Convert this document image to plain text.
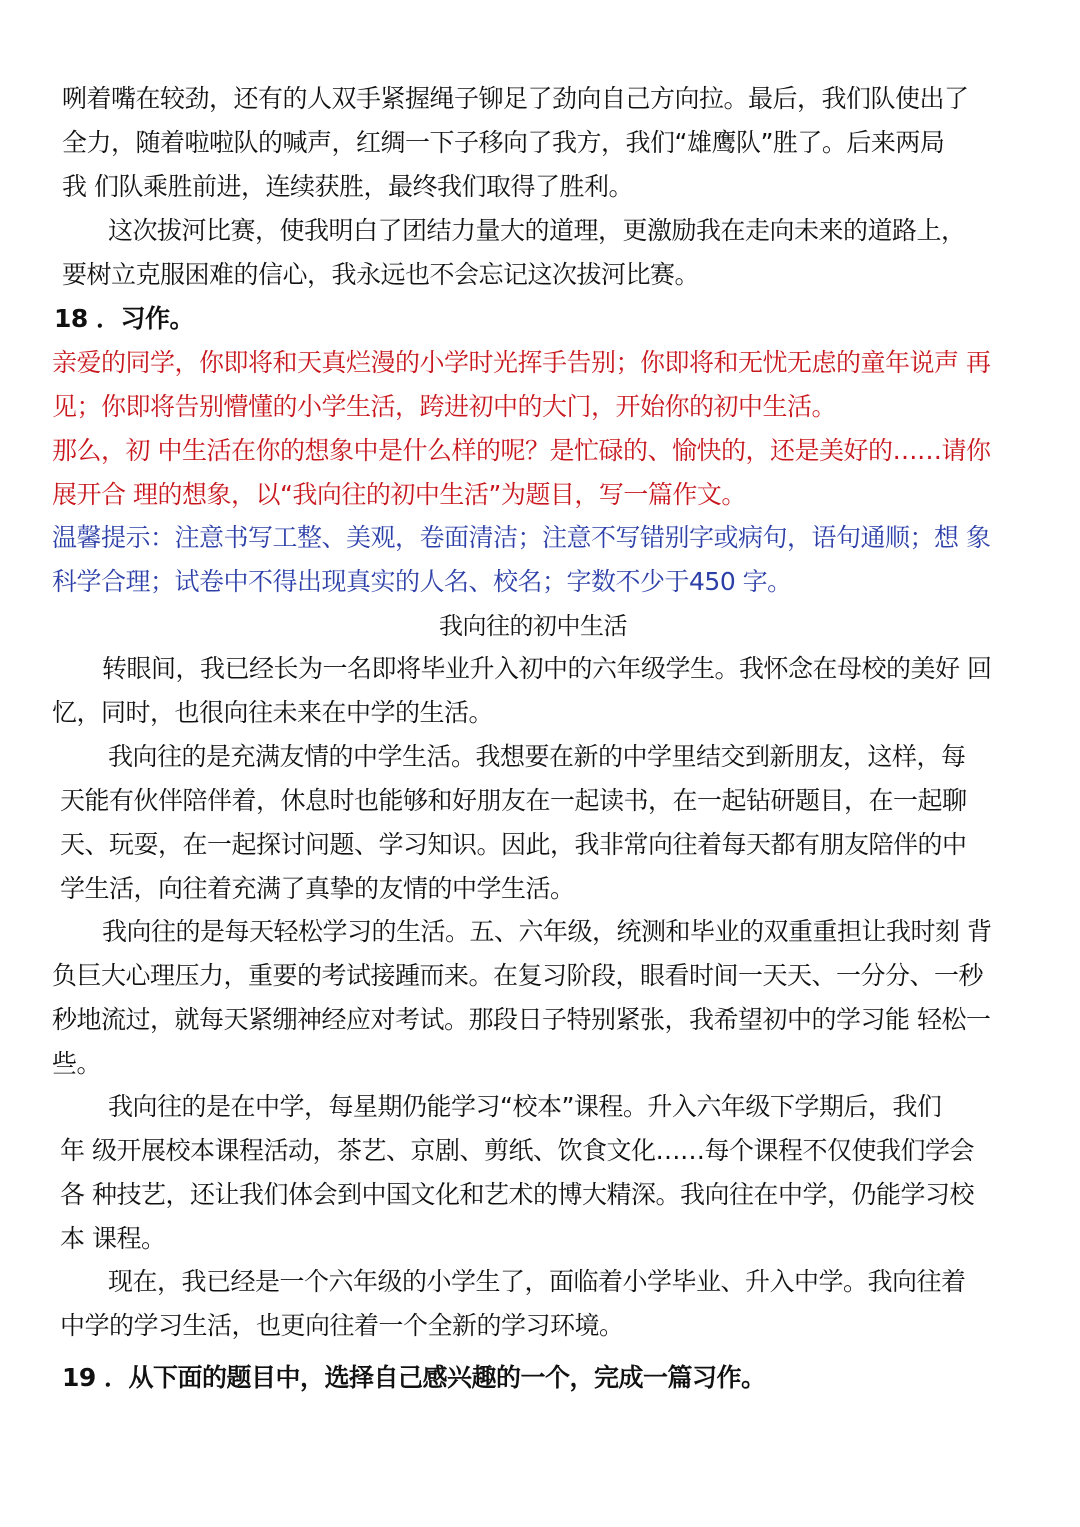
咧着嘴在较劲，还有的人双手紧握绳子铆足了劲向自己方向拉。最后，我们队使出了
全力，随着啦啦队的喊声，红绸一下子移向了我方，我们“雄鹰队”胜了。后来两局
我 们队乘胜前进，连续获胜，最终我们取得了胜利。
这次拔河比赛，使我明白了团结力量大的道理，更激励我在走向未来的道路上，
要树立克服困难的信心，我永远也不会忘记这次拔河比赛。
18 ．习作。
亲爱的同学，你即将和天真烂漫的小学时光挥手告别；你即将和无忧无虑的童年说声 再
见；你即将告别懵懂的小学生活，跨进初中的大门，开始你的初中生活。
那么，初 中生活在你的想象中是什么样的呢？是忙碌的、愉快的，还是美好的……请你
展开合 理的想象，以“我向往的初中生活”为题目，写一篇作文。
温馨提示：注意书写工整、美观，卷面清洁；注意不写错别字或病句，语句通顺；想 象
科学合理；试卷中不得出现真实的人名、校名；字数不少于450 字。
我向往的初中生活
转眼间，我已经长为一名即将毕业升入初中的六年级学生。我怀念在母校的美好 回
忆，同时，也很向往未来在中学的生活。
我向往的是充满友情的中学生活。我想要在新的中学里结交到新朋友，这样，每
天能有伙伴陪伴着，休息时也能够和好朋友在一起读书，在一起钻研题目，在一起聊
天、玩耍，在一起探讨问题、学习知识。因此，我非常向往着每天都有朋友陪伴的中
学生活，向往着充满了真挚的友情的中学生活。
我向往的是每天轻松学习的生活。五、六年级，统测和毕业的双重重担让我时刻 背
负巨大心理压力，重要的考试接踵而来。在复习阶段，眼看时间一天天、一分分、一秒
秒地流过，就每天紧绷神经应对考试。那段日子特别紧张，我希望初中的学习能 轻松一
些。
我向往的是在中学，每星期仍能学习“校本”课程。升入六年级下学期后，我们
年 级开展校本课程活动，茶艺、京剧、剪纸、饮食文化……每个课程不仅使我们学会
各 种技艺，还让我们体会到中国文化和艺术的博大精深。我向往在中学，仍能学习校
本 课程。
现在，我已经是一个六年级的小学生了，面临着小学毕业、升入中学。我向往着
中学的学习生活，也更向往着一个全新的学习环境。
19 ．从下面的题目中，选择自己感兴趣的一个，完成一篇习作。
